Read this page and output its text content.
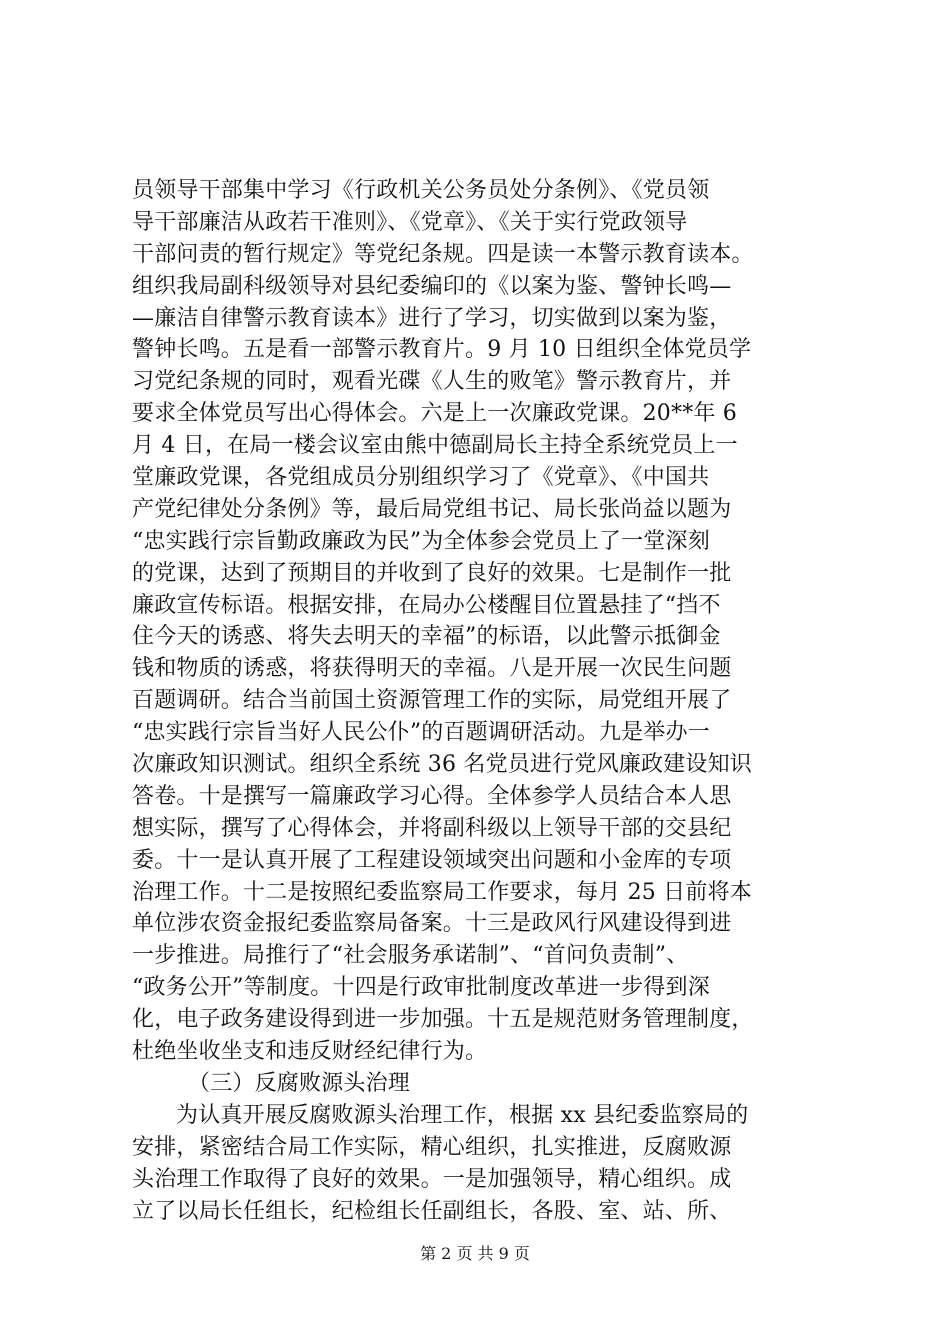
员领导干部集中学习《行政机关公务员处分条例》、《党员领
导干部廉洁从政若干准则》、《党章》、《关于实行党政领导
干部问责的暂行规定》等党纪条规。四是读一本警示教育读本。
组织我局副科级领导对县纪委编印的《以案为鉴、警钟长鸣—
—廉洁自律警示教育读本》进行了学习，切实做到以案为鉴，
警钟长鸣。五是看一部警示教育片。9 月 10 日组织全体党员学
习党纪条规的同时，观看光碟《人生的败笔》警示教育片，并
要求全体党员写出心得体会。六是上一次廉政党课。20**年 6
月 4 日，在局一楼会议室由熊中德副局长主持全系统党员上一
堂廉政党课，各党组成员分别组织学习了《党章》、《中国共
产党纪律处分条例》等，最后局党组书记、局长张尚益以题为
“忠实践行宗旨勤政廉政为民”为全体参会党员上了一堂深刻
的党课，达到了预期目的并收到了良好的效果。七是制作一批
廉政宣传标语。根据安排，在局办公楼醒目位置悬挂了“挡不
住今天的诱惑、将失去明天的幸福”的标语，以此警示抵御金
钱和物质的诱惑，将获得明天的幸福。八是开展一次民生问题
百题调研。结合当前国土资源管理工作的实际，局党组开展了
“忠实践行宗旨当好人民公仆”的百题调研活动。九是举办一
次廉政知识测试。组织全系统 36 名党员进行党风廉政建设知识
答卷。十是撰写一篇廉政学习心得。全体参学人员结合本人思
想实际，撰写了心得体会，并将副科级以上领导干部的交县纪
委。十一是认真开展了工程建设领域突出问题和小金库的专项
治理工作。十二是按照纪委监察局工作要求，每月 25 日前将本
单位涉农资金报纪委监察局备案。十三是政风行风建设得到进
一步推进。局推行了“社会服务承诺制”、“首问负责制”、
“政务公开”等制度。十四是行政审批制度改革进一步得到深
化，电子政务建设得到进一步加强。十五是规范财务管理制度，
杜绝坐收坐支和违反财经纪律行为。
（三）反腐败源头治理
为认真开展反腐败源头治理工作，根据 xx 县纪委监察局的
安排，紧密结合局工作实际，精心组织，扎实推进，反腐败源
头治理工作取得了良好的效果。一是加强领导，精心组织。成
立了以局长任组长，纪检组长任副组长，各股、室、站、所、
第 2 页 共 9 页
